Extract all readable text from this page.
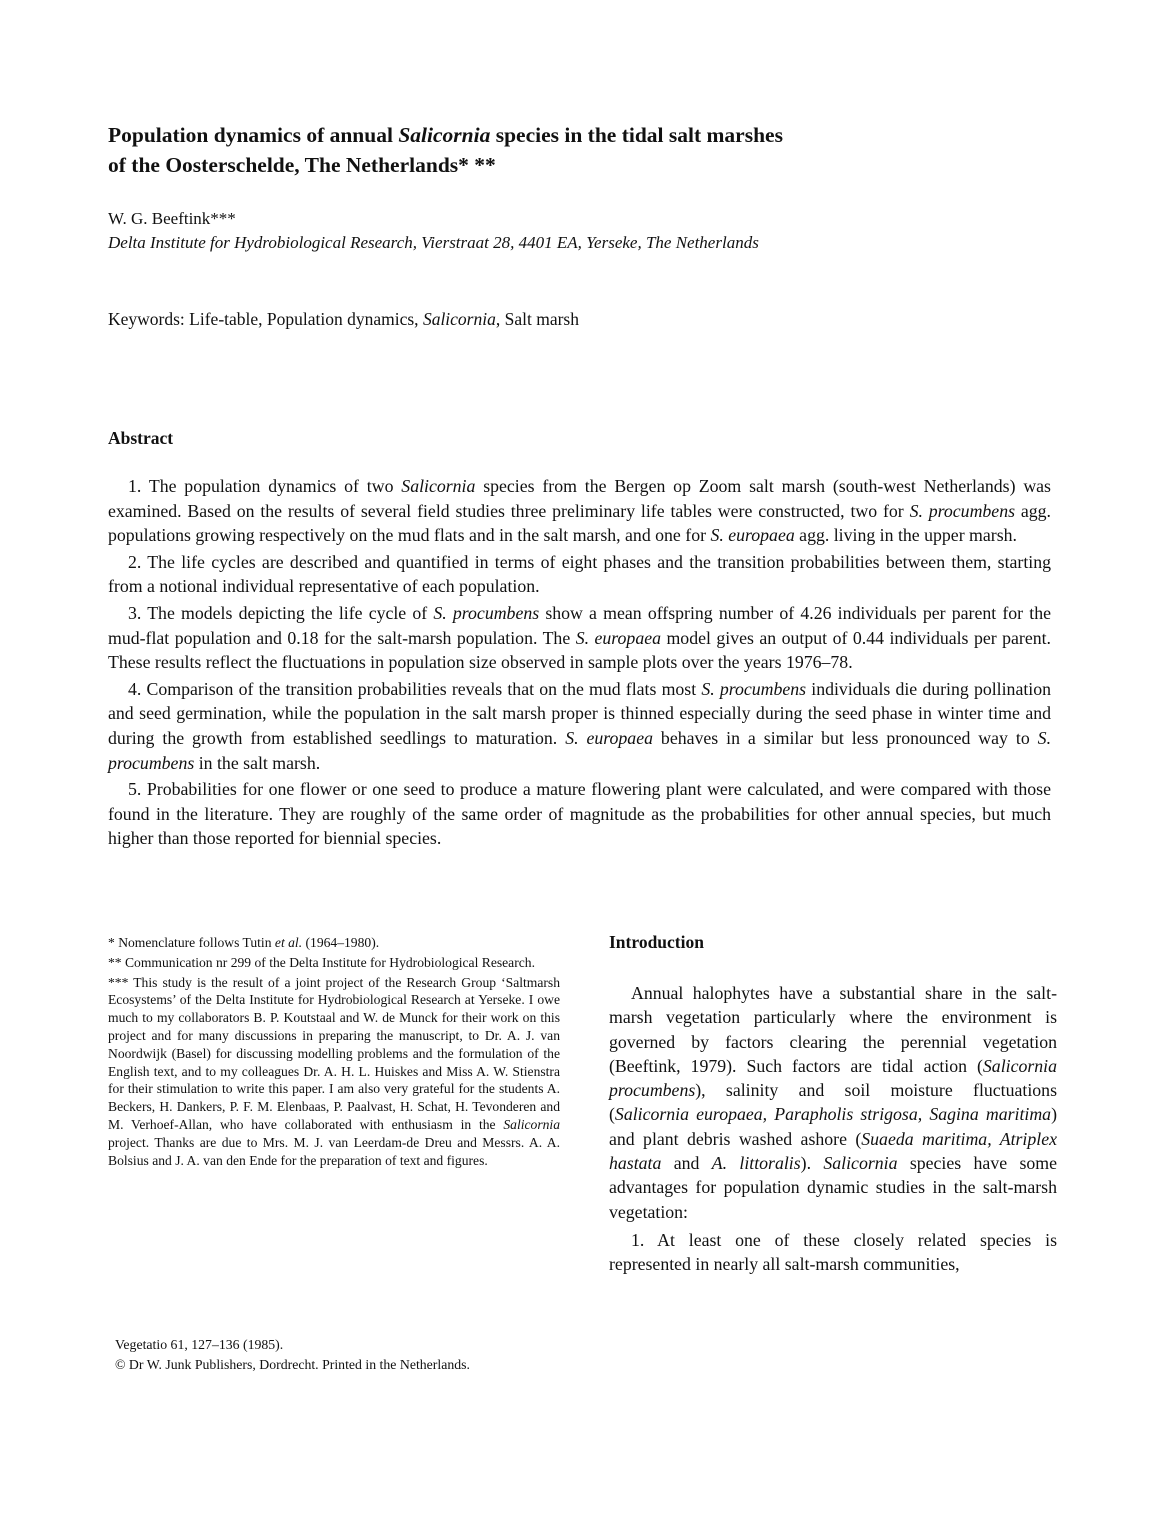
Population dynamics of annual Salicornia species in the tidal salt marshes
of the Oosterschelde, The Netherlands* **

W. G. Beeftink***

Delta Institute for Hydrobiological Research, Vierstraat 28, 4401 EA, Yerseke, The Netherlands

Keywords: Life-table, Population dynamics, Salicornia, Salt marsh

Abstract

1. The population dynamics of two Salicornia species from the Bergen op Zoom salt marsh (south-west Netherlands) was examined. Based on the results of several field studies three preliminary life tables were constructed, two for S. procumbens agg. populations growing respectively on the mud flats and in the salt marsh, and one for S. europaea agg. living in the upper marsh.

2. The life cycles are described and quantified in terms of eight phases and the transition probabilities between them, starting from a notional individual representative of each population.

3. The models depicting the life cycle of S. procumbens show a mean offspring number of 4.26 individuals per parent for the mud-flat population and 0.18 for the salt-marsh population. The S. europaea model gives an output of 0.44 individuals per parent. These results reflect the fluctuations in population size observed in sample plots over the years 1976–78.

4. Comparison of the transition probabilities reveals that on the mud flats most S. procumbens individuals die during pollination and seed germination, while the population in the salt marsh proper is thinned especially during the seed phase in winter time and during the growth from established seedlings to maturation. S. europaea behaves in a similar but less pronounced way to S. procumbens in the salt marsh.

5. Probabilities for one flower or one seed to produce a mature flowering plant were calculated, and were compared with those found in the literature. They are roughly of the same order of magnitude as the probabilities for other annual species, but much higher than those reported for biennial species.

* Nomenclature follows Tutin et al. (1964–1980).

** Communication nr 299 of the Delta Institute for Hydrobiological Research.

*** This study is the result of a joint project of the Research Group ‘Saltmarsh Ecosystems’ of the Delta Institute for Hydrobiological Research at Yerseke. I owe much to my collaborators B. P. Koutstaal and W. de Munck for their work on this project and for many discussions in preparing the manuscript, to Dr. A. J. van Noordwijk (Basel) for discussing modelling problems and the formulation of the English text, and to my colleagues Dr. A. H. L. Huiskes and Miss A. W. Stienstra for their stimulation to write this paper. I am also very grateful for the students A. Beckers, H. Dankers, P. F. M. Elenbaas, P. Paalvast, H. Schat, H. Tevonderen and M. Verhoef-Allan, who have collaborated with enthusiasm in the Salicornia project. Thanks are due to Mrs. M. J. van Leerdam-de Dreu and Messrs. A. A. Bolsius and J. A. van den Ende for the preparation of text and figures.

Vegetatio 61, 127–136 (1985).
© Dr W. Junk Publishers, Dordrecht. Printed in the Netherlands.
Introduction

Annual halophytes have a substantial share in the salt-marsh vegetation particularly where the environment is governed by factors clearing the perennial vegetation (Beeftink, 1979). Such factors are tidal action (Salicornia procumbens), salinity and soil moisture fluctuations (Salicornia europaea, Parapholis strigosa, Sagina maritima) and plant debris washed ashore (Suaeda maritima, Atriplex hastata and A. littoralis). Salicornia species have some advantages for population dynamic studies in the salt-marsh vegetation:

1. At least one of these closely related species is represented in nearly all salt-marsh communities,
